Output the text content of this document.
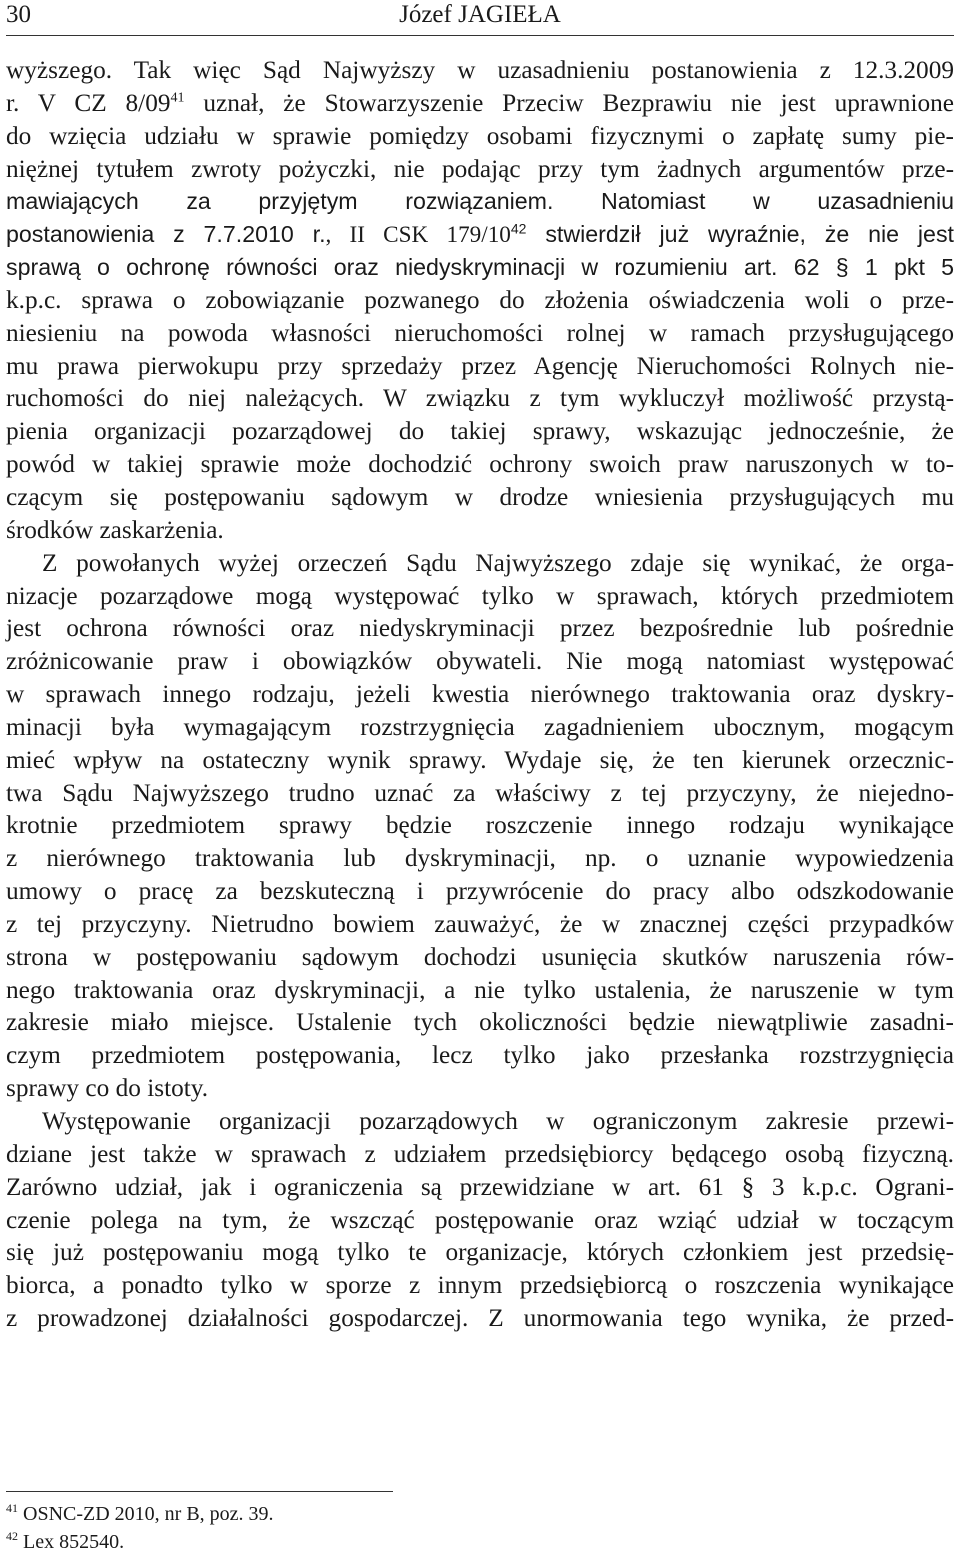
30	Józef JAGIEŁA
wyższego. Tak więc Sąd Najwyższy w uzasadnieniu postanowienia z 12.3.2009
r. V CZ 8/09$^{41}$ uznał, że Stowarzyszenie Przeciw Bezprawiu nie jest uprawnione
do wzięcia udziału w sprawie pomiędzy osobami fizycznymi o zapłatę sumy pie-
niężnej tytułem zwroty pożyczki, nie podając przy tym żadnych argumentów prze-
mawiających za przyjętym rozwiązaniem. Natomiast w uzasadnieniu
postanowienia z 7.7.2010 r., II CSK 179/10$^{42}$ stwierdził już wyraźnie, że nie jest
sprawą o ochronę równości oraz niedyskryminacji w rozumieniu art. 62 § 1 pkt 5
k.p.c. sprawa o zobowiązanie pozwanego do złożenia oświadczenia woli o prze-
niesieniu na powoda własności nieruchomości rolnej w ramach przysługującego
mu prawa pierwokupu przy sprzedaży przez Agencję Nieruchomości Rolnych nie-
ruchomości do niej należących. W związku z tym wykluczył możliwość przystą-
pienia organizacji pozarządowej do takiej sprawy, wskazując jednocześnie, że
powód w takiej sprawie może dochodzić ochrony swoich praw naruszonych w to-
czącym się postępowaniu sądowym w drodze wniesienia przysługujących mu
środków zaskarżenia.
Z powołanych wyżej orzeczeń Sądu Najwyższego zdaje się wynikać, że orga-
nizacje pozarządowe mogą występować tylko w sprawach, których przedmiotem
jest ochrona równości oraz niedyskryminacji przez bezpośrednie lub pośrednie
zróżnicowanie praw i obowiązków obywateli. Nie mogą natomiast występować
w sprawach innego rodzaju, jeżeli kwestia nierównego traktowania oraz dyskry-
minacji była wymagającym rozstrzygnięcia zagadnieniem ubocznym, mogącym
mieć wpływ na ostateczny wynik sprawy. Wydaje się, że ten kierunek orzecznic-
twa Sądu Najwyższego trudno uznać za właściwy z tej przyczyny, że niejedno-
krotnie przedmiotem sprawy będzie roszczenie innego rodzaju wynikające
z nierównego traktowania lub dyskryminacji, np. o uznanie wypowiedzenia
umowy o pracę za bezskuteczną i przywrócenie do pracy albo odszkodowanie
z tej przyczyny. Nietrudno bowiem zauważyć, że w znacznej części przypadków
strona w postępowaniu sądowym dochodzi usunięcia skutków naruszenia rów-
nego traktowania oraz dyskryminacji, a nie tylko ustalenia, że naruszenie w tym
zakresie miało miejsce. Ustalenie tych okoliczności będzie niewątpliwie zasadni-
czym przedmiotem postępowania, lecz tylko jako przesłanka rozstrzygnięcia
sprawy co do istoty.
Występowanie organizacji pozarządowych w ograniczonym zakresie przewi-
dziane jest także w sprawach z udziałem przedsiębiorcy będącego osobą fizyczną.
Zarówno udział, jak i ograniczenia są przewidziane w art. 61 § 3 k.p.c. Ograni-
czenie polega na tym, że wszcząć postępowanie oraz wziąć udział w toczącym
się już postępowaniu mogą tylko te organizacje, których członkiem jest przedsię-
biorca, a ponadto tylko w sporze z innym przedsiębiorcą o roszczenia wynikające
z prowadzonej działalności gospodarczej. Z unormowania tego wynika, że przed-
$^{41}$ OSNC-ZD 2010, nr B, poz. 39.
$^{42}$ Lex 852540.
